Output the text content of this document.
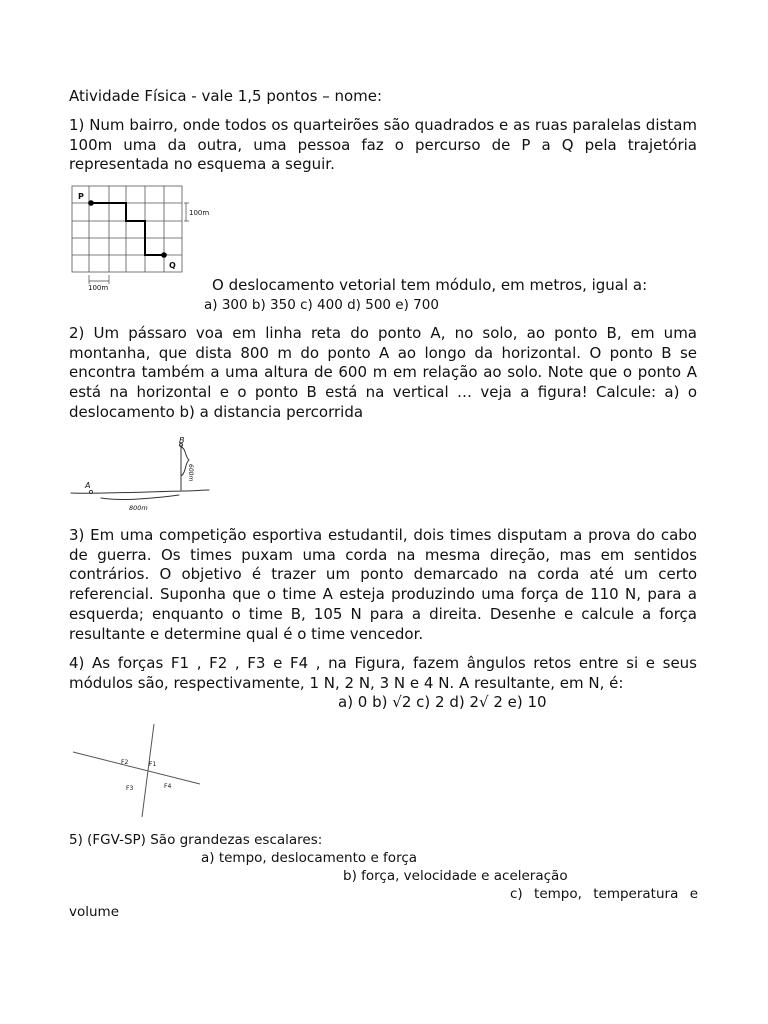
Atividade Física - vale 1,5 pontos – nome:
1) Num bairro, onde todos os quarteirões são quadrados e as ruas paralelas distam 100m uma da outra, uma pessoa faz o percurso de P a Q pela trajetória representada no esquema a seguir.
P
Q
100m
100m	O deslocamento vetorial tem módulo, em metros, igual a:
a) 300 b) 350 c) 400 d) 500 e) 700
2) Um pássaro voa em linha reta do ponto A, no solo, ao ponto B, em uma montanha, que dista 800 m do ponto A ao longo da horizontal. O ponto B se encontra também a uma altura de 600 m em relação ao solo. Note que o ponto A está na horizontal e o ponto B está na vertical … veja a figura! Calcule: a) o deslocamento b) a distancia percorrida
A
B
600m
800m
3) Em uma competição esportiva estudantil, dois times disputam a prova do cabo de guerra. Os times puxam uma corda na mesma direção, mas em sentidos contrários. O objetivo é trazer um ponto demarcado na corda até um certo referencial. Suponha que o time A esteja produzindo uma força de 110 N, para a esquerda; enquanto o time B, 105 N para a direita. Desenhe e calcule a força resultante e determine qual é o time vencedor.
4) As forças F1 , F2 , F3 e F4 , na Figura, fazem ângulos retos entre si e seus módulos são, respectivamente, 1 N, 2 N, 3 N e 4 N. A resultante, em N, é:
a) 0 b) √2 c) 2 d) 2√ 2 e) 10
F2	F1
F3	F4
5) (FGV-SP) São grandezas escalares:
a) tempo, deslocamento e força
b) força, velocidade e aceleração
c) tempo, temperatura e
volume
